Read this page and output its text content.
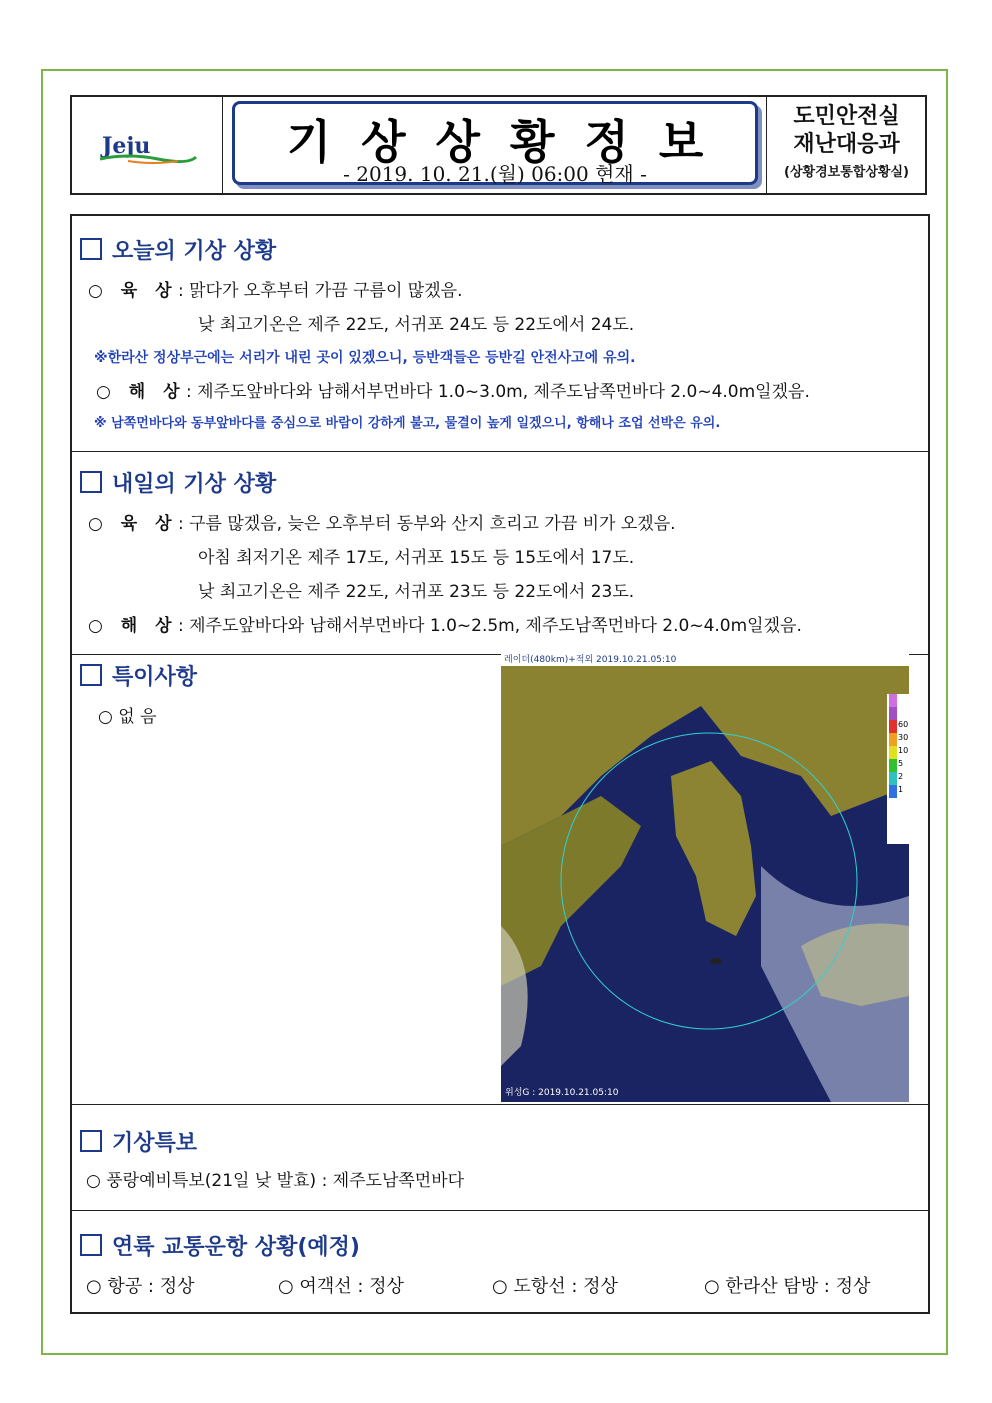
Jeju	기상상황정보
- 2019. 10. 21.(월) 06:00 현재 -
도민안전실
재난대응과
(상황경보통합상황실)
오늘의 기상 상황
○ 육 상 : 맑다가 오후부터 가끔 구름이 많겠음.
낮 최고기온은 제주 22도, 서귀포 24도 등 22도에서 24도.
※한라산 정상부근에는 서리가 내린 곳이 있겠으니, 등반객들은 등반길 안전사고에 유의.
○ 해 상 : 제주도앞바다와 남해서부먼바다 1.0~3.0m, 제주도남쪽먼바다 2.0~4.0m일겠음.
※ 남쪽먼바다와 동부앞바다를 중심으로 바람이 강하게 불고, 물결이 높게 일겠으니, 항해나 조업 선박은 유의.
내일의 기상 상황
○ 육 상 : 구름 많겠음, 늦은 오후부터 동부와 산지 흐리고 가끔 비가 오겠음.
아침 최저기온 제주 17도, 서귀포 15도 등 15도에서 17도.
낮 최고기온은 제주 22도, 서귀포 23도 등 22도에서 23도.
○ 해 상 : 제주도앞바다와 남해서부먼바다 1.0~2.5m, 제주도남쪽먼바다 2.0~4.0m일겠음.
특이사항
○ 없 음
레이더(480km)+적외 2019.10.21.05:10
60
30
10
5
2
1
위성G : 2019.10.21.05:10
기상특보
○ 풍랑예비특보(21일 낮 발효) : 제주도남쪽먼바다
연륙 교통운항 상황(예정)
○ 항공 : 정상	○ 여객선 : 정상	○ 도항선 : 정상	○ 한라산 탐방 : 정상
